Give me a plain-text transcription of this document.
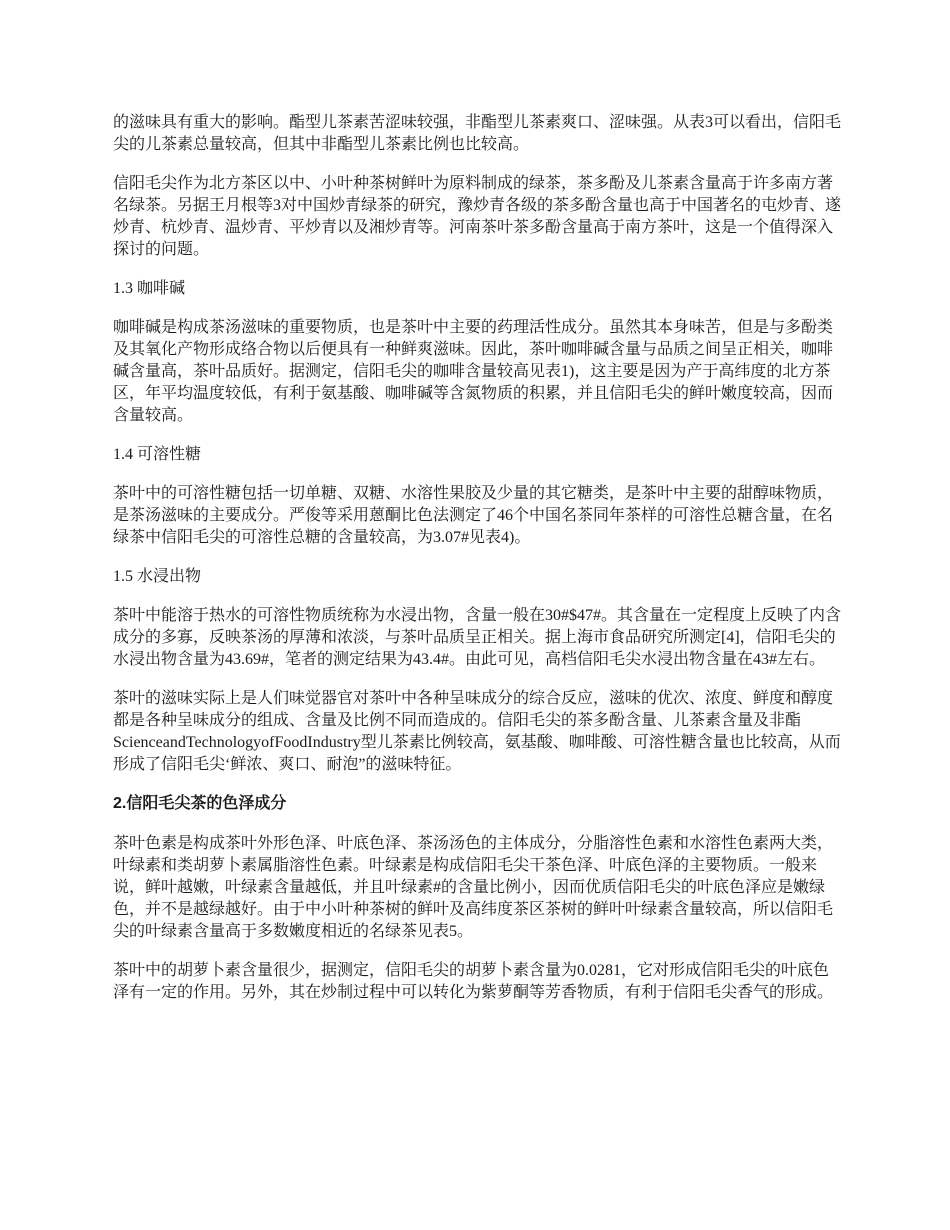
的滋味具有重大的影响。酯型儿茶素苦涩味较强，非酯型儿茶素爽口、涩味强。从表3可以看出，信阳毛尖的儿茶素总量较高，但其中非酯型儿茶素比例也比较高。

信阳毛尖作为北方茶区以中、小叶种茶树鲜叶为原料制成的绿茶，茶多酚及儿茶素含量高于许多南方著名绿茶。另据王月根等3对中国炒青绿茶的研究，豫炒青各级的茶多酚含量也高于中国著名的屯炒青、遂炒青、杭炒青、温炒青、平炒青以及湘炒青等。河南茶叶茶多酚含量高于南方茶叶，这是一个值得深入探讨的问题。

1.3 咖啡碱

咖啡碱是构成茶汤滋味的重要物质，也是茶叶中主要的药理活性成分。虽然其本身味苦，但是与多酚类及其氧化产物形成络合物以后便具有一种鲜爽滋味。因此，茶叶咖啡碱含量与品质之间呈正相关，咖啡碱含量高，茶叶品质好。据测定，信阳毛尖的咖啡含量较高见表1)，这主要是因为产于高纬度的北方茶区，年平均温度较低，有利于氨基酸、咖啡碱等含氮物质的积累，并且信阳毛尖的鲜叶嫩度较高，因而含量较高。

1.4 可溶性糖

茶叶中的可溶性糖包括一切单糖、双糖、水溶性果胶及少量的其它糖类，是茶叶中主要的甜醇味物质，是茶汤滋味的主要成分。严俊等采用蒽酮比色法测定了46个中国名茶同年茶样的可溶性总糖含量，在名绿茶中信阳毛尖的可溶性总糖的含量较高，为3.07#见表4)。

1.5 水浸出物

茶叶中能溶于热水的可溶性物质统称为水浸出物，含量一般在30#$47#。其含量在一定程度上反映了内含成分的多寡，反映茶汤的厚薄和浓淡，与茶叶品质呈正相关。据上海市食品研究所测定[4]，信阳毛尖的水浸出物含量为43.69#，笔者的测定结果为43.4#。由此可见，高档信阳毛尖水浸出物含量在43#左右。

茶叶的滋味实际上是人们味觉器官对茶叶中各种呈味成分的综合反应，滋味的优次、浓度、鲜度和醇度都是各种呈味成分的组成、含量及比例不同而造成的。信阳毛尖的茶多酚含量、儿茶素含量及非酯ScienceandTechnologyofFoodIndustry型儿茶素比例较高，氨基酸、咖啡酸、可溶性糖含量也比较高，从而形成了信阳毛尖‘鲜浓、爽口、耐泡”的滋味特征。

2.信阳毛尖茶的色泽成分

茶叶色素是构成茶叶外形色泽、叶底色泽、茶汤汤色的主体成分，分脂溶性色素和水溶性色素两大类，叶绿素和类胡萝卜素属脂溶性色素。叶绿素是构成信阳毛尖干茶色泽、叶底色泽的主要物质。一般来说，鲜叶越嫩，叶绿素含量越低，并且叶绿素#的含量比例小，因而优质信阳毛尖的叶底色泽应是嫩绿色，并不是越绿越好。由于中小叶种茶树的鲜叶及高纬度茶区茶树的鲜叶叶绿素含量较高，所以信阳毛尖的叶绿素含量高于多数嫩度相近的名绿茶见表5。

茶叶中的胡萝卜素含量很少，据测定，信阳毛尖的胡萝卜素含量为0.0281，它对形成信阳毛尖的叶底色泽有一定的作用。另外，其在炒制过程中可以转化为紫萝酮等芳香物质，有利于信阳毛尖香气的形成。
